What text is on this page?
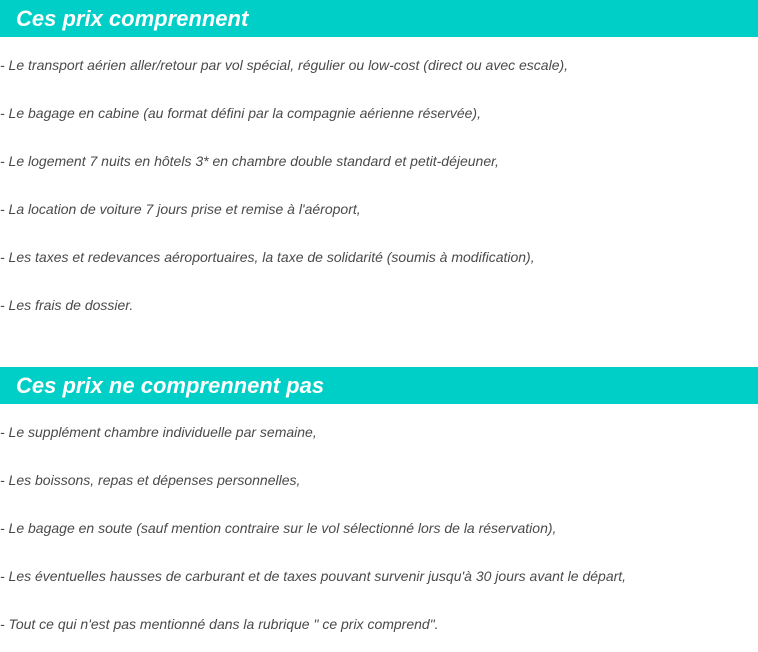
Ces prix comprennent
- Le transport aérien aller/retour par vol spécial, régulier ou low-cost (direct ou avec escale),
- Le bagage en cabine (au format défini par la compagnie aérienne réservée),
- Le logement 7 nuits en hôtels 3* en chambre double standard et petit-déjeuner,
- La location de voiture 7 jours prise et remise à l'aéroport,
- Les taxes et redevances aéroportuaires, la taxe de solidarité (soumis à modification),
- Les frais de dossier.
Ces prix ne comprennent pas
- Le supplément chambre individuelle par semaine,
- Les boissons, repas et dépenses personnelles,
- Le bagage en soute (sauf mention contraire sur le vol sélectionné lors de la réservation),
- Les éventuelles hausses de carburant et de taxes pouvant survenir jusqu'à 30 jours avant le départ,
- Tout ce qui n'est pas mentionné dans la rubrique " ce prix comprend".
